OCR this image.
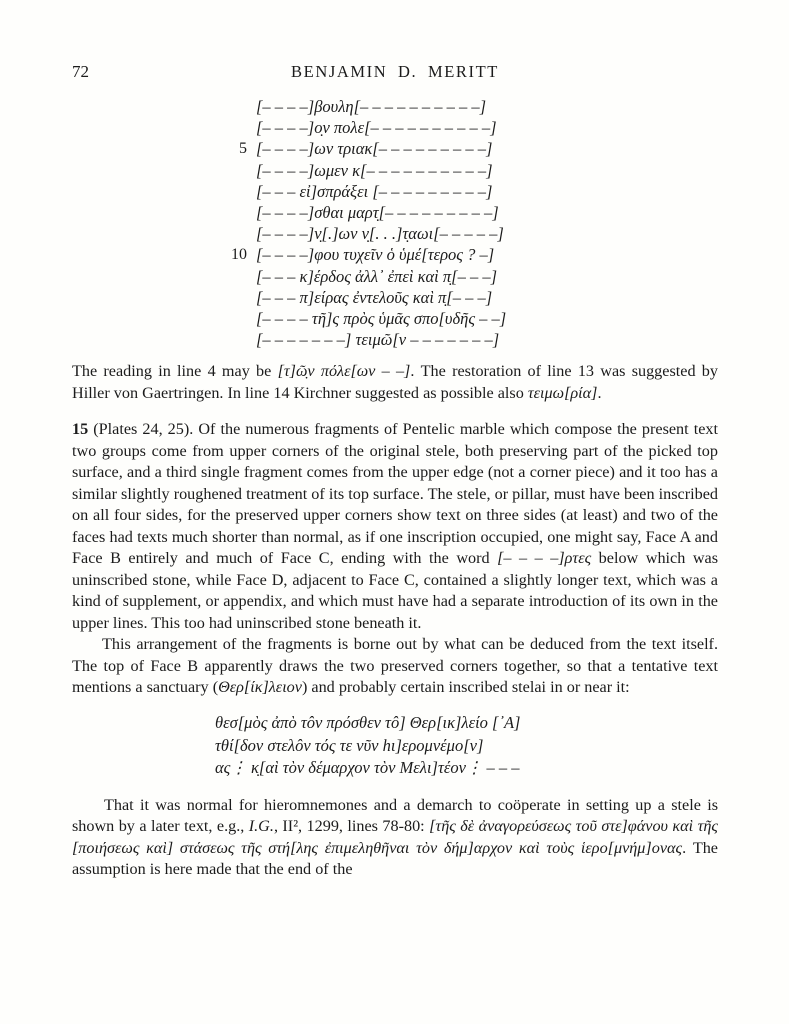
72	BENJAMIN D. MERITT
[– – – –]βουλη[– – – – – – – – – –]
[– – – –]ο̣ν πολε[– – – – – – – – – –]
5 [– – – –]ων τριακ[– – – – – – – – –]
[– – – –]ωμεν κ[– – – – – – – – – –]
[– – – εἰ]σπράξει [– – – – – – – – –]
[– – – –]σθαι μαρτ̣[– – – – – – – – –]
[– – – –]ν̣[.]ων ν̣[. . .]τ̣αωι[– – – – –]
10 [– – – –]φου τυχεῖν ὁ ὑμέ[τερος ? –]
[– – – κ]έρδος ἀλλ᾽ ἐπεὶ καὶ π̣[– – –]
[– – – π]είρας ἐντελοῦς καὶ π̣[– – –]
[– – – – τῆ]ς πρὸς ὑμᾶς σπο[υδῆς – –]
[– – – – – – –] τειμῶ[ν – – – – – – –]

The reading in line 4 may be [τ]ῶ̣ν πόλε[ων – –]. The restoration of line 13 was suggested by Hiller von Gaertringen. In line 14 Kirchner suggested as possible also τειμω[ρία].

15 (Plates 24, 25). Of the numerous fragments of Pentelic marble which compose the present text two groups come from upper corners of the original stele, both preserving part of the picked top surface, and a third single fragment comes from the upper edge (not a corner piece) and it too has a similar slightly roughened treatment of its top surface. The stele, or pillar, must have been inscribed on all four sides, for the preserved upper corners show text on three sides (at least) and two of the faces had texts much shorter than normal, as if one inscription occupied, one might say, Face A and Face B entirely and much of Face C, ending with the word [– – – –]ρτες below which was uninscribed stone, while Face D, adjacent to Face C, contained a slightly longer text, which was a kind of supplement, or appendix, and which must have had a separate introduction of its own in the upper lines. This too had uninscribed stone beneath it.

This arrangement of the fragments is borne out by what can be deduced from the text itself. The top of Face B apparently draws the two preserved corners together, so that a tentative text mentions a sanctuary (Θερ[ίκ]λειον) and probably certain inscribed stelai in or near it:

θεσ[μὸς ἀπὸ τôν πρόσθεν τô] Θερ[ικ]λείο [᾽Α]
τθί[δον στελôν τός τε νῦν hι]ερομνέμο[ν]
ας⋮ κ̣[αὶ τὸν δέμαρχον τὸν Μελι]τέον⋮ – – –

That it was normal for hieromnemones and a demarch to coöperate in setting up a stele is shown by a later text, e.g., I.G., II², 1299, lines 78-80: [τῆς δὲ ἀναγορεύσεως τοῦ στε]φάνου καὶ τῆς [ποιήσεως καὶ] στάσεως τῆς στή[λης ἐπιμεληθῆναι τὸν δήμ]αρχον καὶ τοὺς ἱερο[μνήμ]ονας. The assumption is here made that the end of the
